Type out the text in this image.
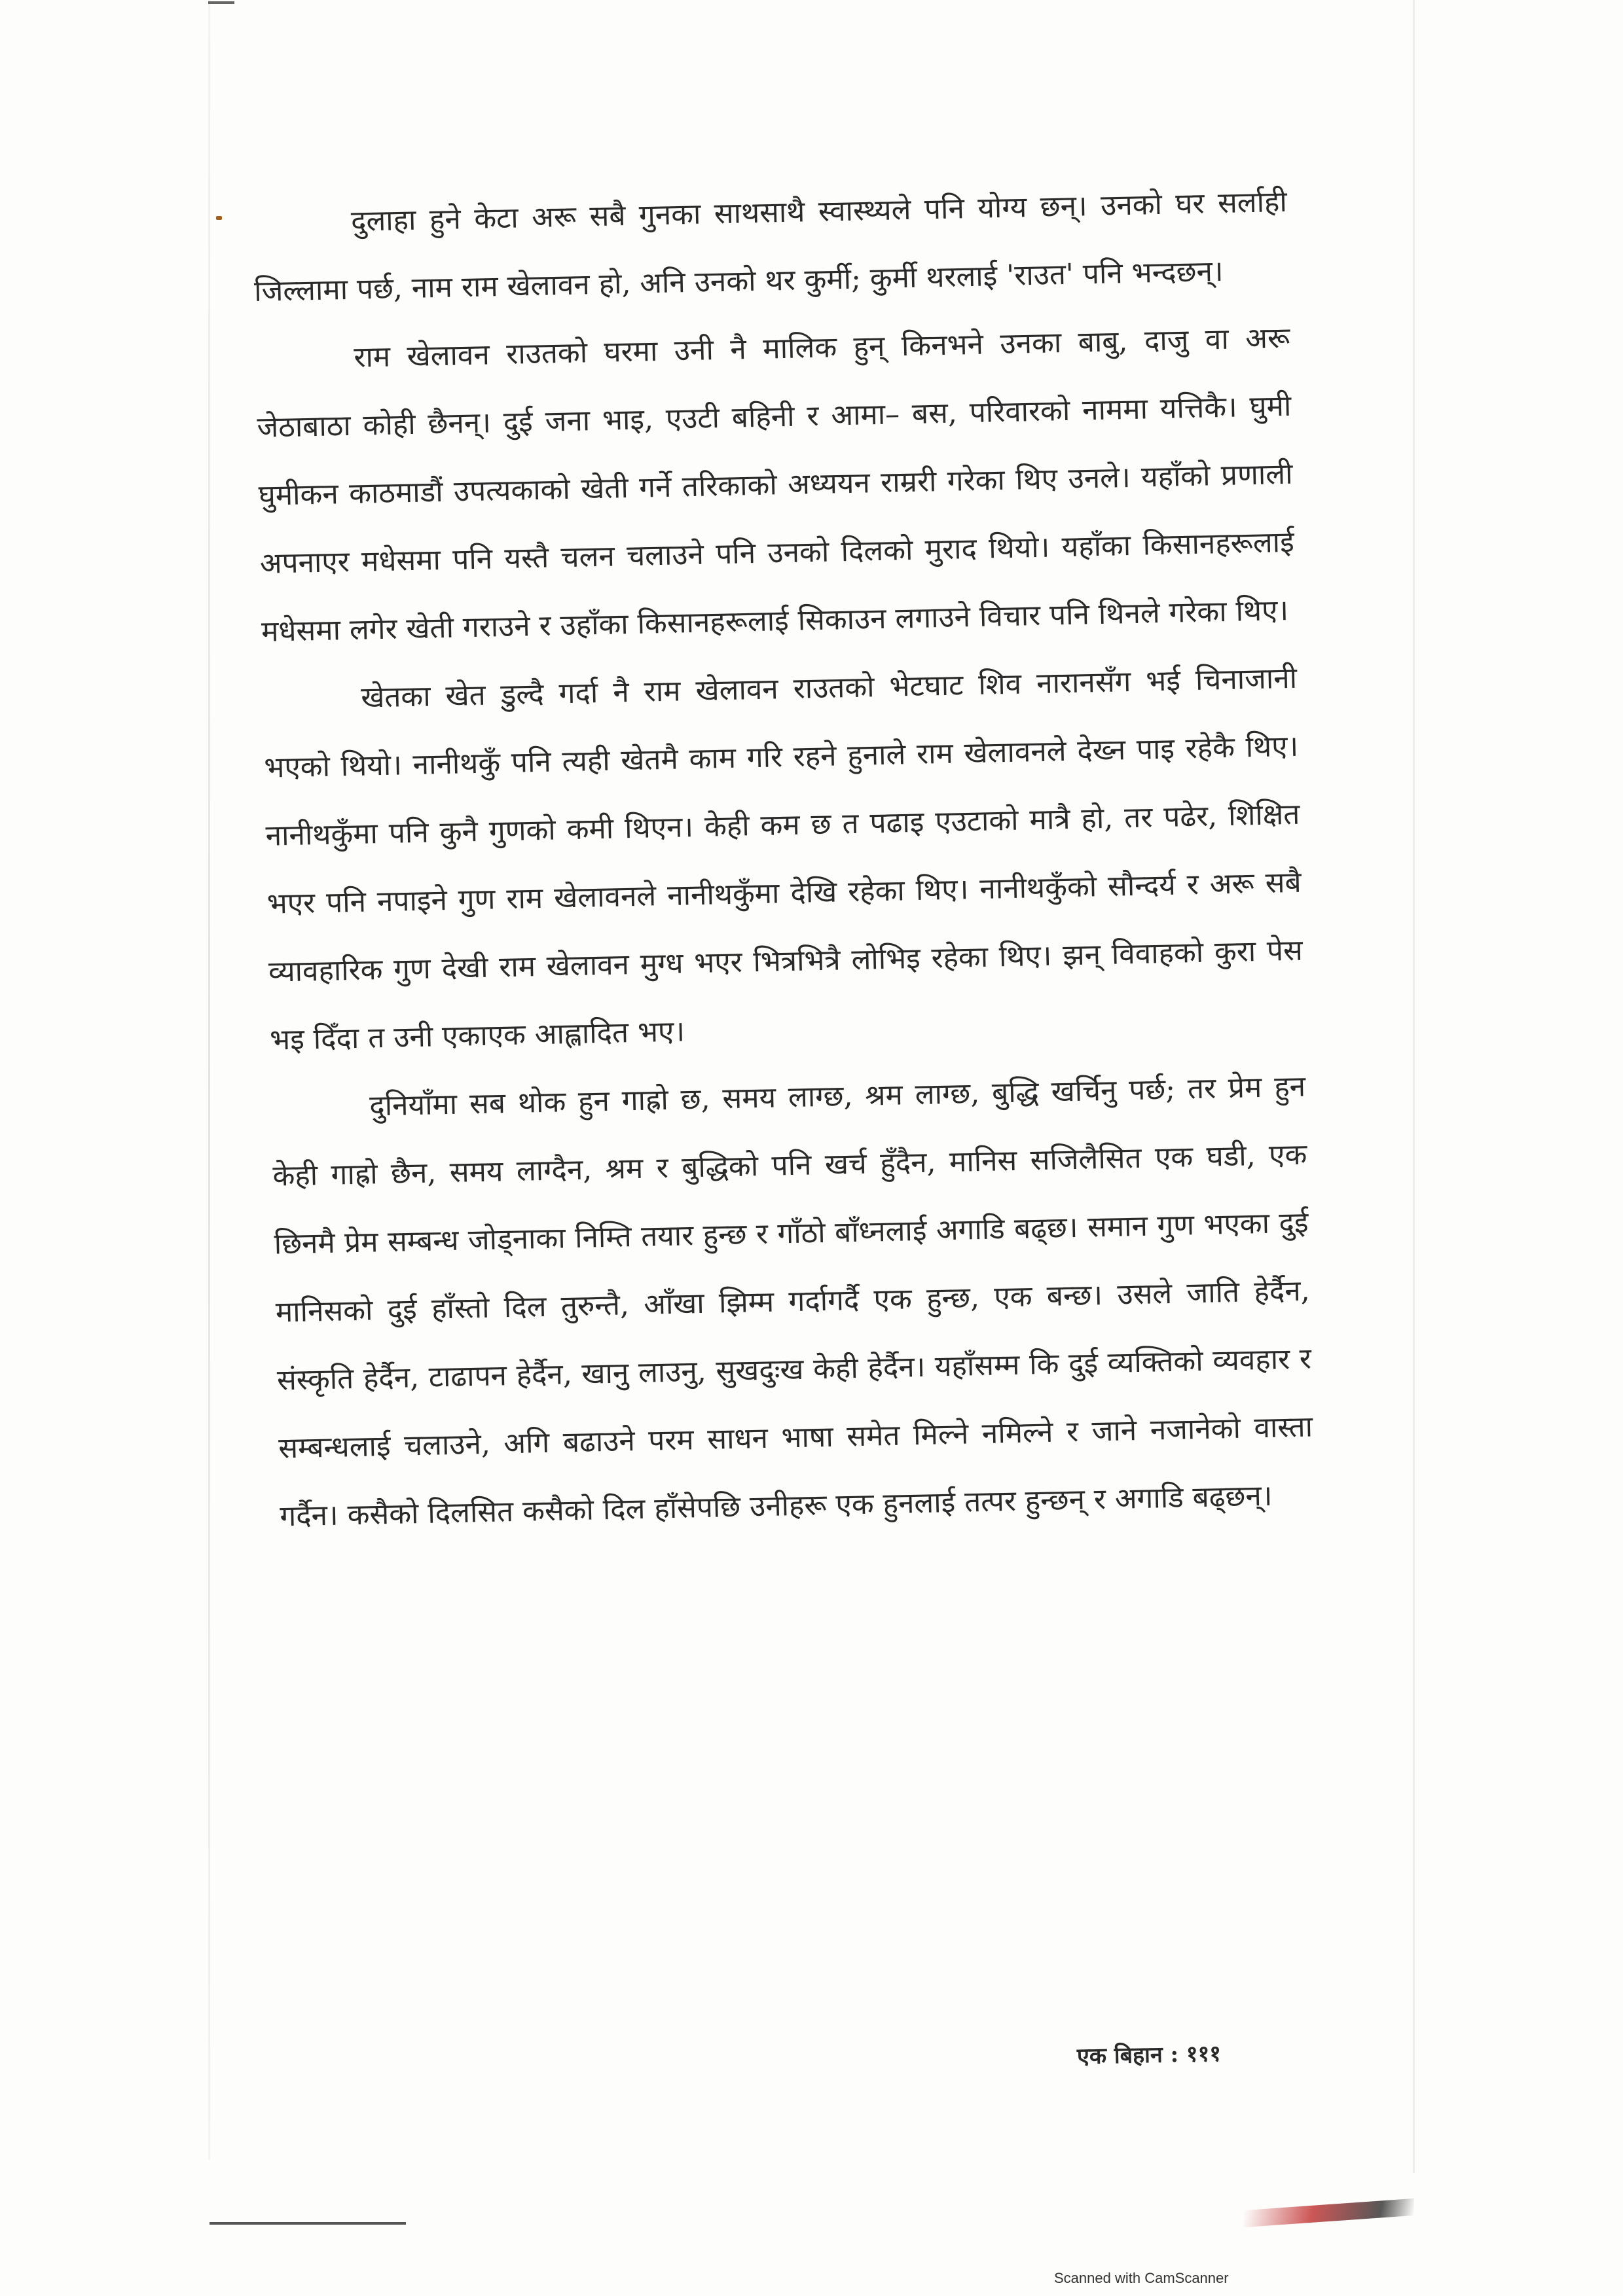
दुलाहा हुने केटा अरू सबै गुनका साथसाथै स्वास्थ्यले पनि योग्य छन्। उनको घर सर्लाही जिल्लामा पर्छ, नाम राम खेलावन हो, अनि उनको थर कुर्मी; कुर्मी थरलाई 'राउत' पनि भन्दछन्।

राम खेलावन राउतको घरमा उनी नै मालिक हुन् किनभने उनका बाबु, दाजु वा अरू जेठाबाठा कोही छैनन्। दुई जना भाइ, एउटी बहिनी र आमा– बस, परिवारको नाममा यत्तिकै। घुमी घुमीकन काठमाडौं उपत्यकाको खेती गर्ने तरिकाको अध्ययन राम्ररी गरेका थिए उनले। यहाँको प्रणाली अपनाएर मधेसमा पनि यस्तै चलन चलाउने पनि उनको दिलको मुराद थियो। यहाँका किसानहरूलाई मधेसमा लगेर खेती गराउने र उहाँका किसानहरूलाई सिकाउन लगाउने विचार पनि थिनले गरेका थिए।

खेतका खेत डुल्दै गर्दा नै राम खेलावन राउतको भेटघाट शिव नारानसँग भई चिनाजानी भएको थियो। नानीथकुँ पनि त्यही खेतमै काम गरि रहने हुनाले राम खेलावनले देख्न पाइ रहेकै थिए। नानीथकुँमा पनि कुनै गुणको कमी थिएन। केही कम छ त पढाइ एउटाको मात्रै हो, तर पढेर, शिक्षित भएर पनि नपाइने गुण राम खेलावनले नानीथकुँमा देखि रहेका थिए। नानीथकुँको सौन्दर्य र अरू सबै व्यावहारिक गुण देखी राम खेलावन मुग्ध भएर भित्रभित्रै लोभिइ रहेका थिए। झन् विवाहको कुरा पेस भइ दिँदा त उनी एकाएक आह्लादित भए।

दुनियाँमा सब थोक हुन गाह्रो छ, समय लाग्छ, श्रम लाग्छ, बुद्धि खर्चिनु पर्छ; तर प्रेम हुन केही गाह्रो छैन, समय लाग्दैन, श्रम र बुद्धिको पनि खर्च हुँदैन, मानिस सजिलैसित एक घडी, एक छिनमै प्रेम सम्बन्ध जोड्नाका निम्ति तयार हुन्छ र गाँठो बाँध्नलाई अगाडि बढ्छ। समान गुण भएका दुई मानिसको दुई हाँस्तो दिल तुरुन्तै, आँखा झिम्म गर्दागर्दै एक हुन्छ, एक बन्छ। उसले जाति हेर्दैन, संस्कृति हेर्दैन, टाढापन हेर्दैन, खानु लाउनु, सुखदुःख केही हेर्दैन। यहाँसम्म कि दुई व्यक्तिको व्यवहार र सम्बन्धलाई चलाउने, अगि बढाउने परम साधन भाषा समेत मिल्ने नमिल्ने र जाने नजानेको वास्ता गर्दैन। कसैको दिलसित कसैको दिल हाँसेपछि उनीहरू एक हुनलाई तत्पर हुन्छन् र अगाडि बढ्छन्।

एक बिहान : १११
Scanned with CamScanner
